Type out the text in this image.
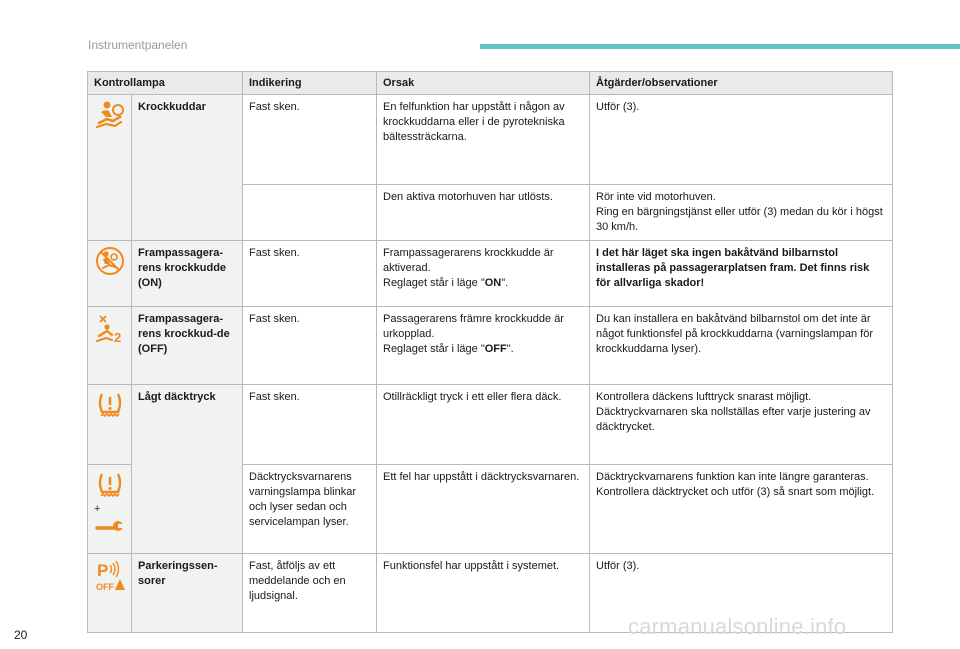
Instrumentpanelen
Kontrollampa		Indikering	Orsak	Åtgärder/observationer

	Krockkuddar	Fast sken.	En felfunktion har uppstått i någon av krockkuddarna eller i de pyrotekniska bältessträckarna.	Utför (3).
			Den aktiva motorhuven har utlösts.	Rör inte vid motorhuven.
Ring en bärgningstjänst eller utför (3) medan du kör i högst 30 km/h.

	Frampassagera-rens krockkudde (ON)	Fast sken.	Frampassagerarens krockkudde är aktiverad.
Reglaget står i läge "ON".	I det här läget ska ingen bakåtvänd bilbarnstol installeras på passagerarplatsen fram. Det finns risk för allvarliga skador!

2	Frampassagera-rens krockkud-de (OFF)	Fast sken.	Passagerarens främre krockkudde är urkopplad.
Reglaget står i läge "OFF".	Du kan installera en bakåtvänd bilbarnstol om det inte är något funktionsfel på krockkuddarna (varningslampan för krockkuddarna lyser).

	Lågt däcktryck	Fast sken.	Otillräckligt tryck i ett eller flera däck.	Kontrollera däckens lufttryck snarast möjligt.
Däcktryckvarnaren ska nollställas efter varje justering av däcktrycket.

+		Däcktrycksvarnarens varningslampa blinkar och lyser sedan och servicelampan lyser.	Ett fel har uppstått i däcktrycksvarnaren.	Däcktryckvarnarens funktion kan inte längre garanteras.
Kontrollera däcktrycket och utför (3) så snart som möjligt.

P
OFF	Parkeringssen-sorer	Fast, åtföljs av ett meddelande och en ljudsignal.	Funktionsfel har uppstått i systemet.	Utför (3).
20	carmanualsonline.info
